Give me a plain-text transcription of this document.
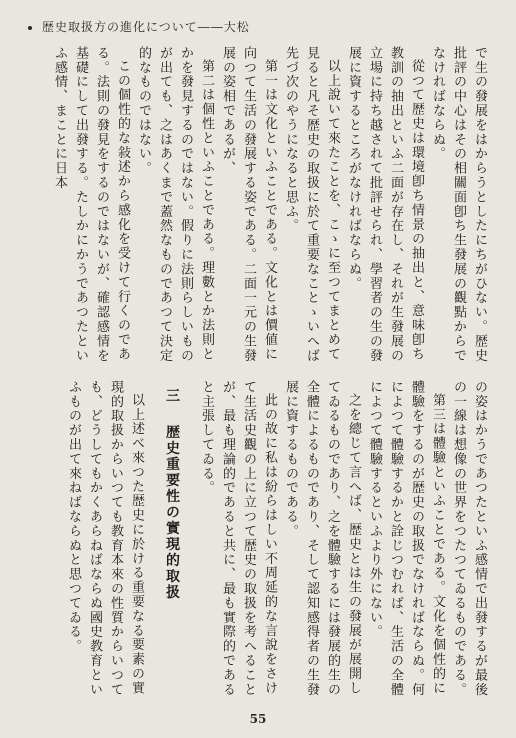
歴史取扱方の進化について――大松

で生の發展をはからうとしたにちがひない。歴史批評の中心はその相關面卽ち生發展の觀點からでなければならぬ。

從つて歴史は環境卽ち情景の抽出と、意味卽ち教訓の抽出といふ二面が存在し、それが生發展の立場に持ち越されて批評せられ、學習者の生の發展に資するところがなければならぬ。

以上說いて來たことを、こゝに至つてまとめて見ると凡そ歴史の取扱に於て重要なことゝいへば先づ次のやうになると思ふ。

第一は文化といふことである。文化とは價値に向つて生活の發展する姿である。二面一元の生發展の姿相であるが、

第二は個性といふことである。理數とか法則とかを發見するのではない。假りに法則らしいものが出ても、之はあくまで蓋然なものであつて決定的なものではない。

この個性的な敍述から感化を受けて行くのである。法則の發見をするのではないが、確認感情を基礎にして出發する。たしかにかうであつたといふ感情、まことに日本

の姿はかうであつたといふ感情で出發するが最後の一線は想像の世界をつたつてゐるものである。

第三は體驗といふことである。文化を個性的に體驗をするのが歴史の取扱でなければならぬ。何によつて體驗するかと詮じつむれば、生活の全體によつて體驗するといふより外にない。

之を總じて言へば、歴史とは生の發展が展開してゐるものであり、之を體驗するには發展的生の全體によるものであり、そして認知感得者の生發展に資するものである。

此の故に私は紛らはしい不周延的な言說をさけて生活史觀の上に立つて歴史の取扱を考へることが、最も理論的であると共に、最も實際的であると主張してゐる。

三 歴史重要性の實現的取扱

以上述べ來つた歴史に於ける重要なる要素の實現的取扱からいつても教育本來の性質からいつても、どうしてもかくあらねばならぬ國史教育といふものが出て來ねばならぬと思つてゐる。

55
